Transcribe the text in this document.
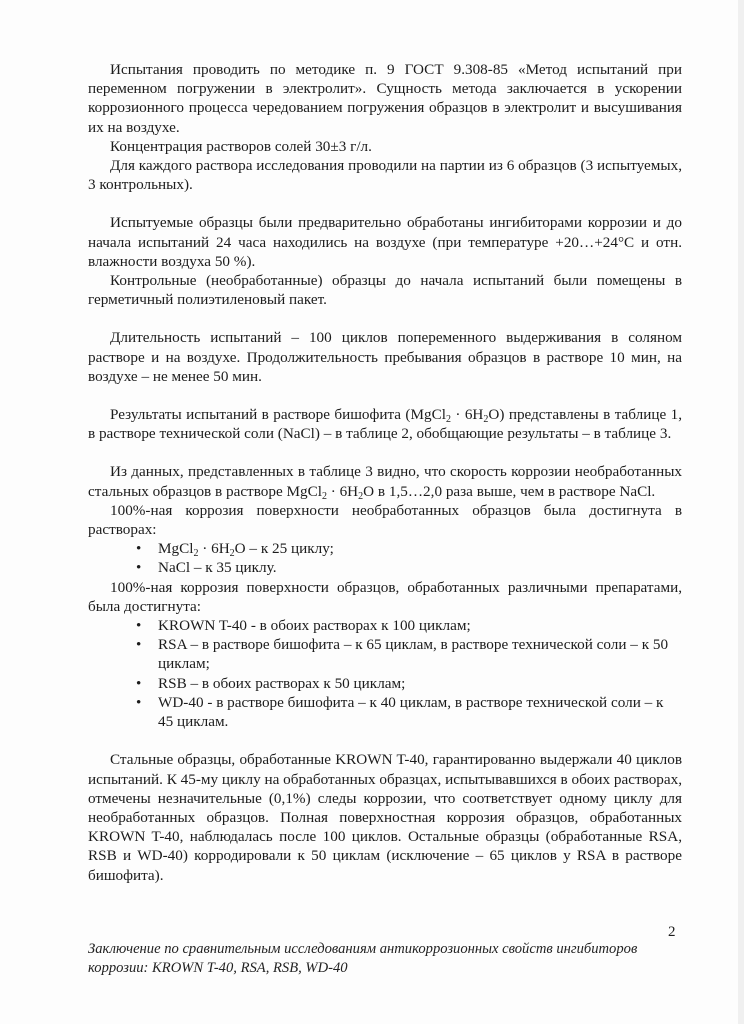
Испытания проводить по методике п. 9 ГОСТ 9.308-85 «Метод испытаний при переменном погружении в электролит». Сущность метода заключается в ускорении коррозионного процесса чередованием погружения образцов в электролит и высушивания их на воздухе.

Концентрация растворов солей 30±3 г/л.

Для каждого раствора исследования проводили на партии из 6 образцов (3 испытуемых, 3 контрольных).

Испытуемые образцы были предварительно обработаны ингибиторами коррозии и до начала испытаний 24 часа находились на воздухе (при температуре +20…+24°С и отн. влажности воздуха 50 %).

Контрольные (необработанные) образцы до начала испытаний были помещены в герметичный полиэтиленовый пакет.

Длительность испытаний – 100 циклов попеременного выдерживания в соляном растворе и на воздухе. Продолжительность пребывания образцов в растворе 10 мин, на воздухе – не менее 50 мин.

Результаты испытаний в растворе бишофита (MgCl$_2$ · $6H_2O$) представлены в таблице 1, в растворе технической соли (NaCl) – в таблице 2, обобщающие результаты – в таблице 3.

Из данных, представленных в таблице 3 видно, что скорость коррозии необработанных стальных образцов в растворе MgCl$_2$ · $6H_2O$ в 1,5…2,0 раза выше, чем в растворе NaCl.

100%-ная коррозия поверхности необработанных образцов была достигнута в растворах:

• MgCl$_2$ · $6H_2O$ – к 25 циклу;
• NaCl – к 35 циклу.

100%-ная коррозия поверхности образцов, обработанных различными препаратами, была достигнута:

• KROWN T-40 - в обоих растворах к 100 циклам;
• RSA – в растворе бишофита – к 65 циклам, в растворе технической соли – к 50 циклам;
• RSB – в обоих растворах к 50 циклам;
• WD-40 - в растворе бишофита – к 40 циклам, в растворе технической соли – к 45 циклам.

Стальные образцы, обработанные KROWN T-40, гарантированно выдержали 40 циклов испытаний. К 45-му циклу на обработанных образцах, испытывавшихся в обоих растворах, отмечены незначительные (0,1%) следы коррозии, что соответствует одному циклу для необработанных образцов. Полная поверхностная коррозия образцов, обработанных KROWN T-40, наблюдалась после 100 циклов. Остальные образцы (обработанные RSA, RSB и WD-40) корродировали к 50 циклам (исключение – 65 циклов у RSA в растворе бишофита).

2
Заключение по сравнительным исследованиям антикоррозионных свойств ингибиторов коррозии: KROWN T-40, RSA, RSB, WD-40
